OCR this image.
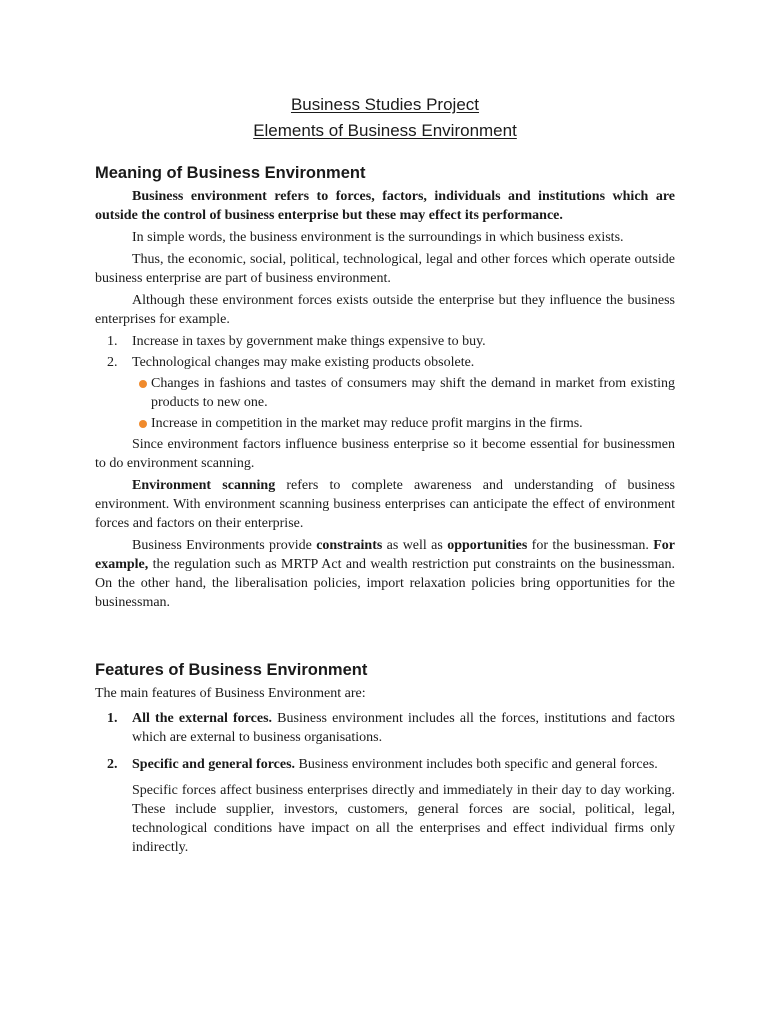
Business Studies Project
Elements of Business Environment
Meaning of Business Environment

Business environment refers to forces, factors, individuals and institutions which are outside the control of business enterprise but these may effect its performance.

In simple words, the business environment is the surroundings in which business exists.

Thus, the economic, social, political, technological, legal and other forces which operate outside business enterprise are part of business environment.

Although these environment forces exists outside the enterprise but they influence the business enterprises for example.

1. Increase in taxes by government make things expensive to buy.
2. Technological changes may make existing products obsolete.
Changes in fashions and tastes of consumers may shift the demand in market from existing products to new one.
Increase in competition in the market may reduce profit margins in the firms.

Since environment factors influence business enterprise so it become essential for businessmen to do environment scanning.

Environment scanning refers to complete awareness and understanding of business environment. With environment scanning business enterprises can anticipate the effect of environment forces and factors on their enterprise.

Business Environments provide constraints as well as opportunities for the businessman. For example, the regulation such as MRTP Act and wealth restriction put constraints on the businessman. On the other hand, the liberalisation policies, import relaxation policies bring opportunities for the businessman.

Features of Business Environment

The main features of Business Environment are:

1. All the external forces. Business environment includes all the forces, institutions and factors which are external to business organisations.
2. Specific and general forces. Business environment includes both specific and general forces.

Specific forces affect business enterprises directly and immediately in their day to day working. These include supplier, investors, customers, general forces are social, political, legal, technological conditions have impact on all the enterprises and effect individual firms only indirectly.
